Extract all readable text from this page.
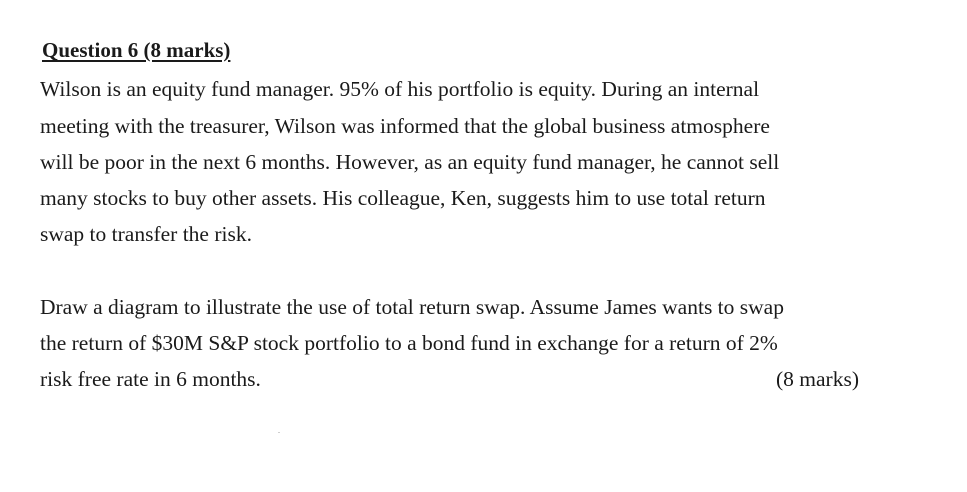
Question 6 (8 marks)
Wilson is an equity fund manager. 95% of his portfolio is equity. During an internal
meeting with the treasurer, Wilson was informed that the global business atmosphere
will be poor in the next 6 months. However, as an equity fund manager, he cannot sell
many stocks to buy other assets. His colleague, Ken, suggests him to use total return
swap to transfer the risk.
Draw a diagram to illustrate the use of total return swap. Assume James wants to swap
the return of $30M S&P stock portfolio to a bond fund in exchange for a return of 2%
risk free rate in 6 months.	(8 marks)
